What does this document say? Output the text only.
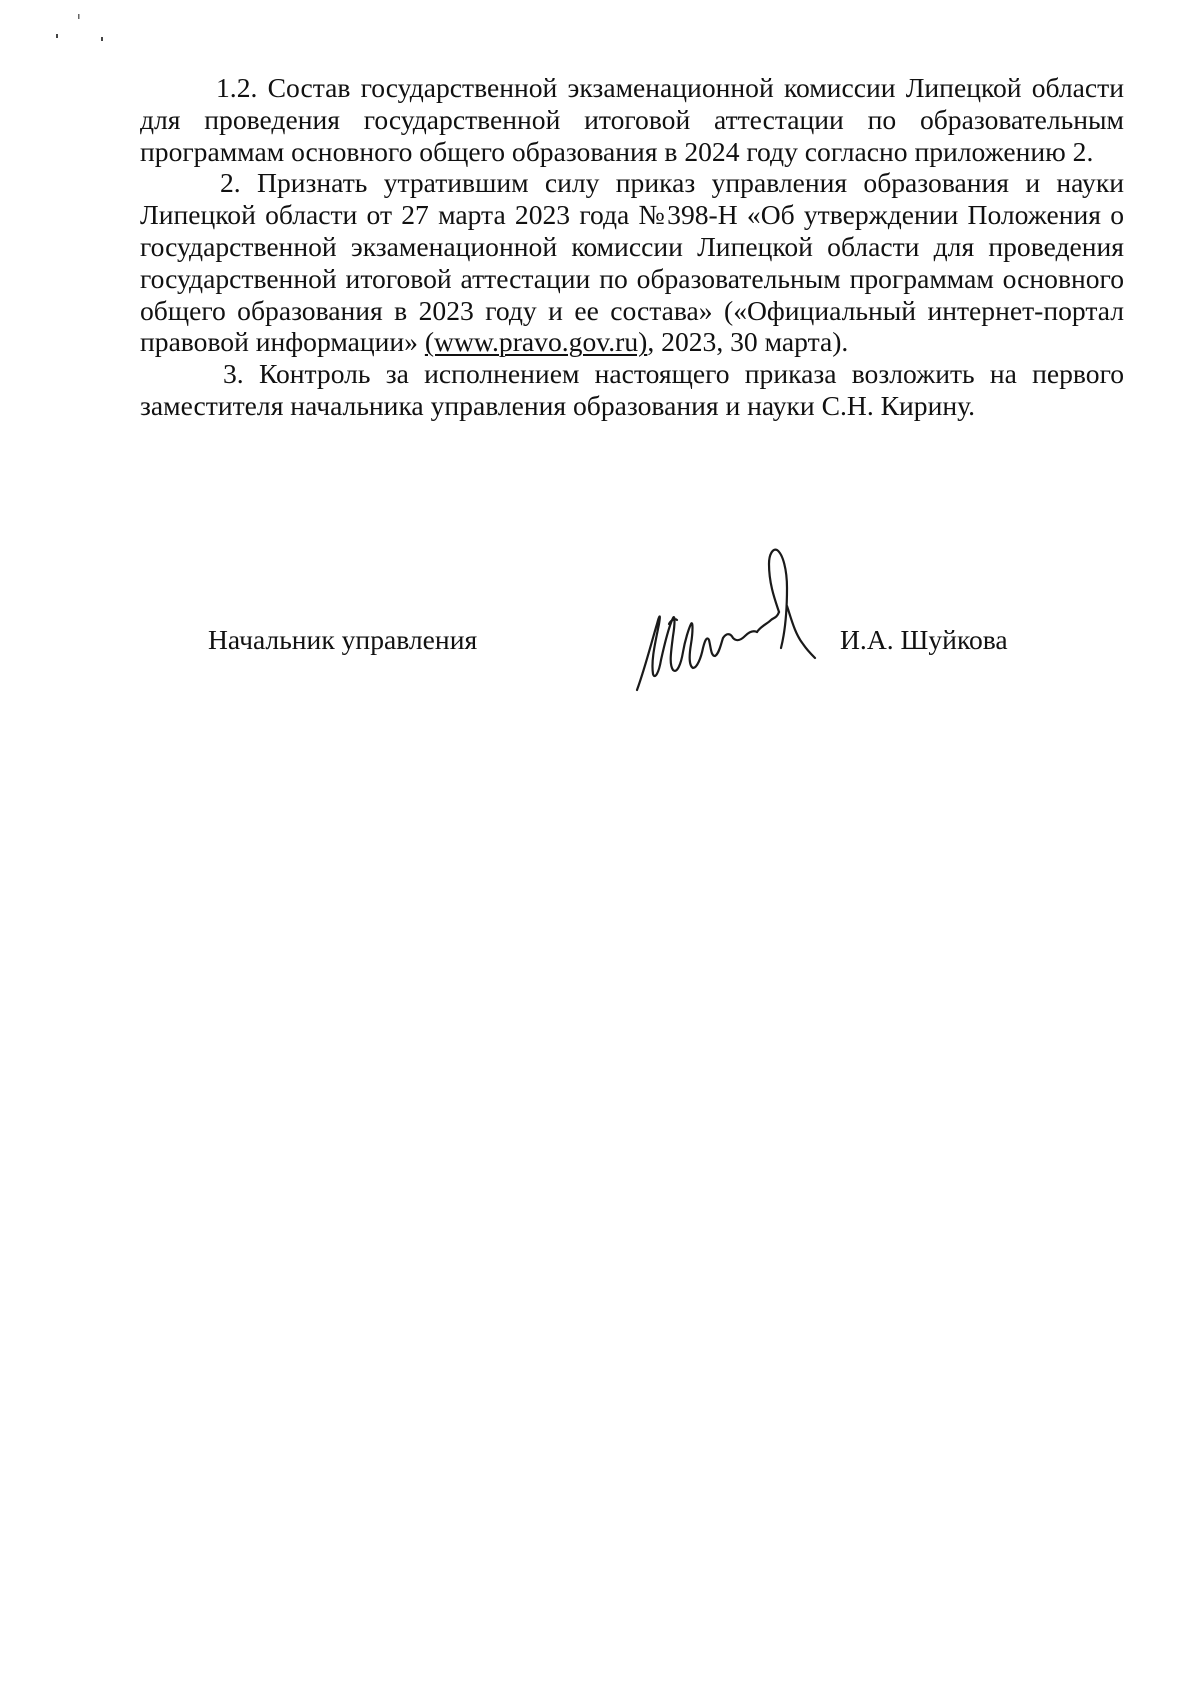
1.2. Состав государственной экзаменационной комиссии Липецкой области для проведения государственной итоговой аттестации по образовательным программам основного общего образования в 2024 году согласно приложению 2.

2. Признать утратившим силу приказ управления образования и науки Липецкой области от 27 марта 2023 года №398-Н «Об утверждении Положения о государственной экзаменационной комиссии Липецкой области для проведения государственной итоговой аттестации по образовательным программам основного общего образования в 2023 году и ее состава» («Официальный интернет-портал правовой информации» (www.pravo.gov.ru), 2023, 30 марта).

3. Контроль за исполнением настоящего приказа возложить на первого заместителя начальника управления образования и науки С.Н. Кирину.

Начальник управления	И.А. Шуйкова
